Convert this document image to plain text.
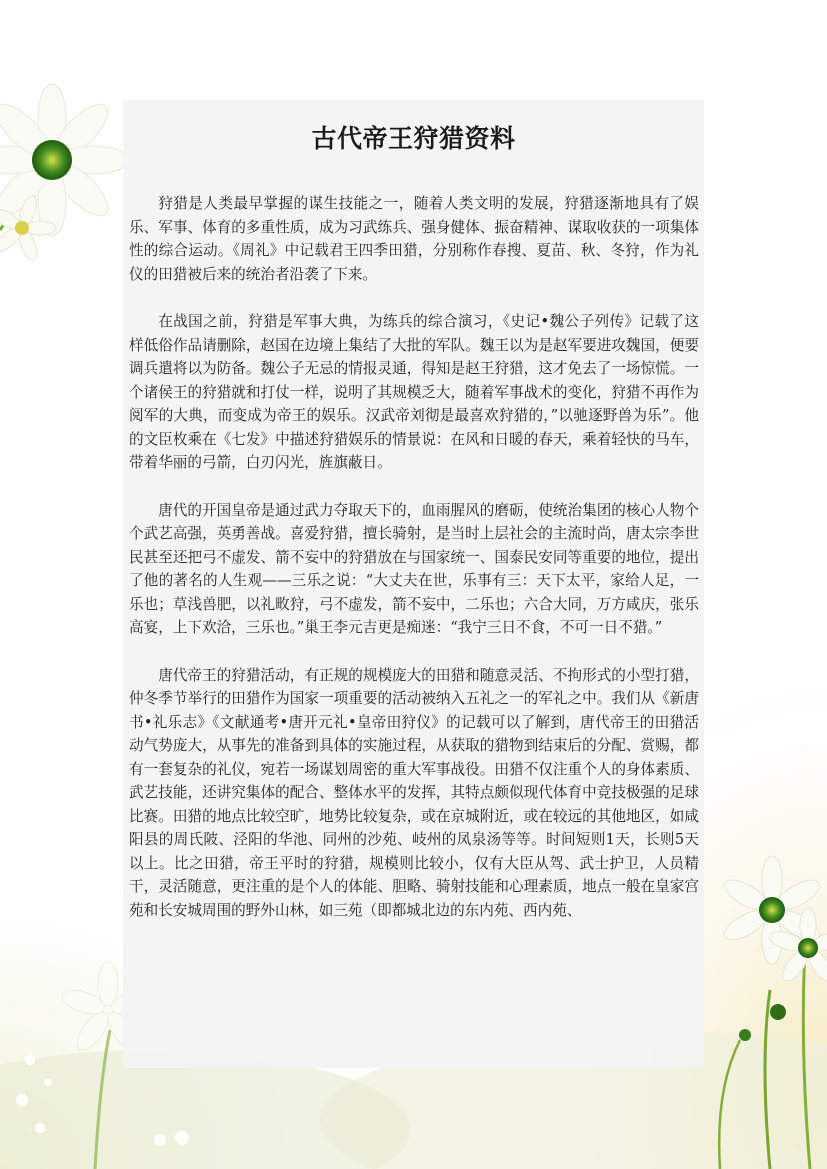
古代帝王狩猎资料

狩猎是人类最早掌握的谋生技能之一，随着人类文明的发展，狩猎逐渐地具有了娱乐、军事、体育的多重性质，成为习武练兵、强身健体、振奋精神、谋取收获的一项集体性的综合运动。《周礼》中记载君王四季田猎，分别称作春搜、夏苗、秋、冬狩，作为礼仪的田猎被后来的统治者沿袭了下来。

在战国之前，狩猎是军事大典，为练兵的综合演习，《史记•魏公子列传》记载了这样低俗作品请删除，赵国在边境上集结了大批的军队。魏王以为是赵军要进攻魏国，便要调兵遣将以为防备。魏公子无忌的情报灵通，得知是赵王狩猎，这才免去了一场惊慌。一个诸侯王的狩猎就和打仗一样，说明了其规模乏大，随着军事战术的变化，狩猎不再作为阅军的大典，而变成为帝王的娱乐。汉武帝刘彻是最喜欢狩猎的，”以驰逐野兽为乐”。他的文臣枚乘在《七发》中描述狩猎娱乐的情景说：在风和日暖的春天，乘着轻快的马车，带着华丽的弓箭，白刃闪光，旌旗蔽日。

唐代的开国皇帝是通过武力夺取天下的，血雨腥风的磨砺，使统治集团的核心人物个个武艺高强，英勇善战。喜爱狩猎，擅长骑射，是当时上层社会的主流时尚，唐太宗李世民甚至还把弓不虚发、箭不妄中的狩猎放在与国家统一、国泰民安同等重要的地位，提出了他的著名的人生观——三乐之说：“大丈夫在世，乐事有三：天下太平，家给人足，一乐也；草浅兽肥，以礼畋狩，弓不虚发，箭不妄中，二乐也；六合大同，万方咸庆，张乐高宴，上下欢洽，三乐也。”巢王李元吉更是痴迷：“我宁三日不食，不可一日不猎。”

唐代帝王的狩猎活动，有正规的规模庞大的田猎和随意灵活、不拘形式的小型打猎，仲冬季节举行的田猎作为国家一项重要的活动被纳入五礼之一的军礼之中。我们从《新唐书•礼乐志》《文献通考•唐开元礼•皇帝田狩仪》的记载可以了解到，唐代帝王的田猎活动气势庞大，从事先的准备到具体的实施过程，从获取的猎物到结束后的分配、赏赐，都有一套复杂的礼仪，宛若一场谋划周密的重大军事战役。田猎不仅注重个人的身体素质、武艺技能，还讲究集体的配合、整体水平的发挥，其特点颇似现代体育中竞技极强的足球比赛。田猎的地点比较空旷，地势比较复杂，或在京城附近，或在较远的其他地区，如咸阳县的周氏陂、泾阳的华池、同州的沙苑、岐州的凤泉汤等等。时间短则1天，长则5天以上。比之田猎，帝王平时的狩猎，规模则比较小，仅有大臣从驾、武士护卫，人员精干，灵活随意，更注重的是个人的体能、胆略、骑射技能和心理素质，地点一般在皇家宫苑和长安城周围的野外山林，如三苑（即都城北边的东内苑、西内苑、
